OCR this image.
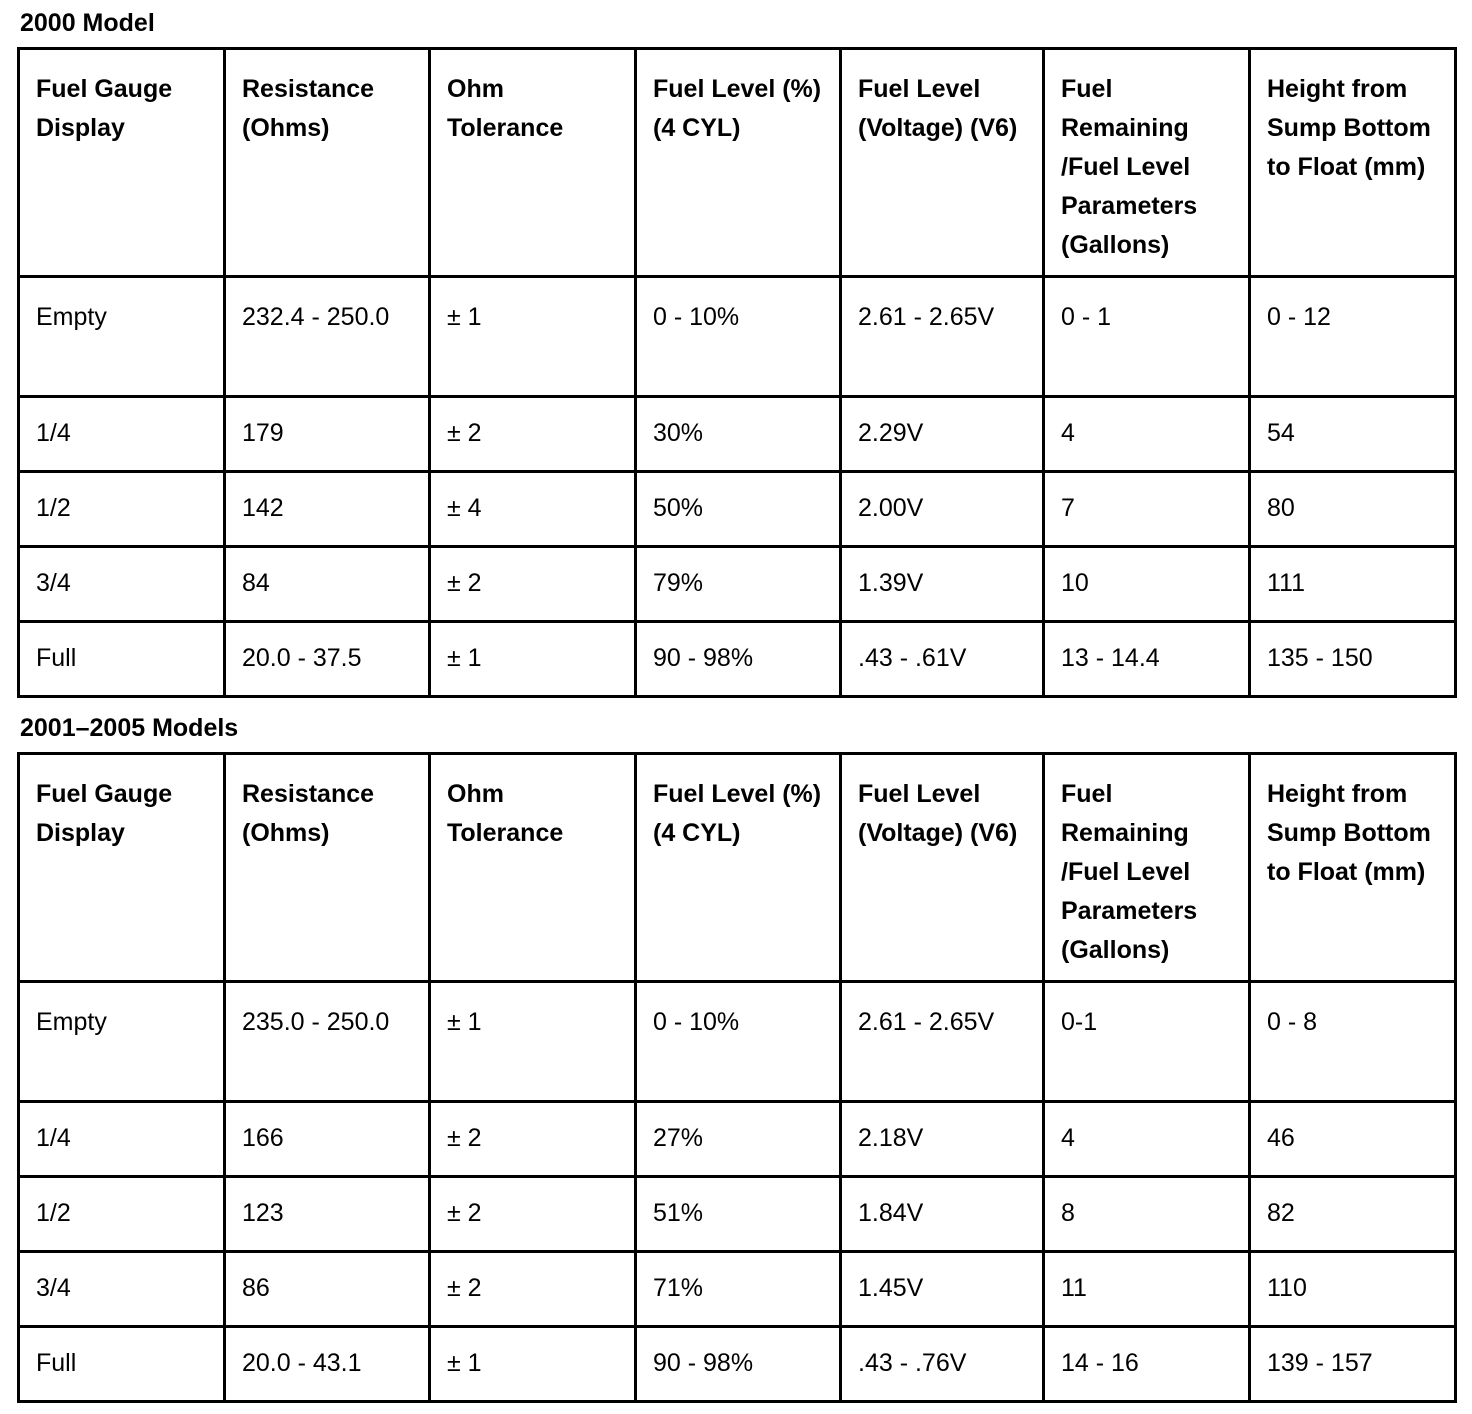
2000 Model
Fuel Gauge Display	Resistance (Ohms)	Ohm Tolerance	Fuel Level (%) (4 CYL)	Fuel Level (Voltage) (V6)	Fuel Remaining /Fuel Level Parameters (Gallons)	Height from Sump Bottom to Float (mm)
Empty	232.4 - 250.0	± 1	0 - 10%	2.61 - 2.65V	0 - 1	0 - 12
1/4	179	± 2	30%	2.29V	4	54
1/2	142	± 4	50%	2.00V	7	80
3/4	84	± 2	79%	1.39V	10	111
Full	20.0 - 37.5	± 1	90 - 98%	.43 - .61V	13 - 14.4	135 - 150
2001–2005 Models
Fuel Gauge Display	Resistance (Ohms)	Ohm Tolerance	Fuel Level (%) (4 CYL)	Fuel Level (Voltage) (V6)	Fuel Remaining /Fuel Level Parameters (Gallons)	Height from Sump Bottom to Float (mm)
Empty	235.0 - 250.0	± 1	0 - 10%	2.61 - 2.65V	0-1	0 - 8
1/4	166	± 2	27%	2.18V	4	46
1/2	123	± 2	51%	1.84V	8	82
3/4	86	± 2	71%	1.45V	11	110
Full	20.0 - 43.1	± 1	90 - 98%	.43 - .76V	14 - 16	139 - 157
